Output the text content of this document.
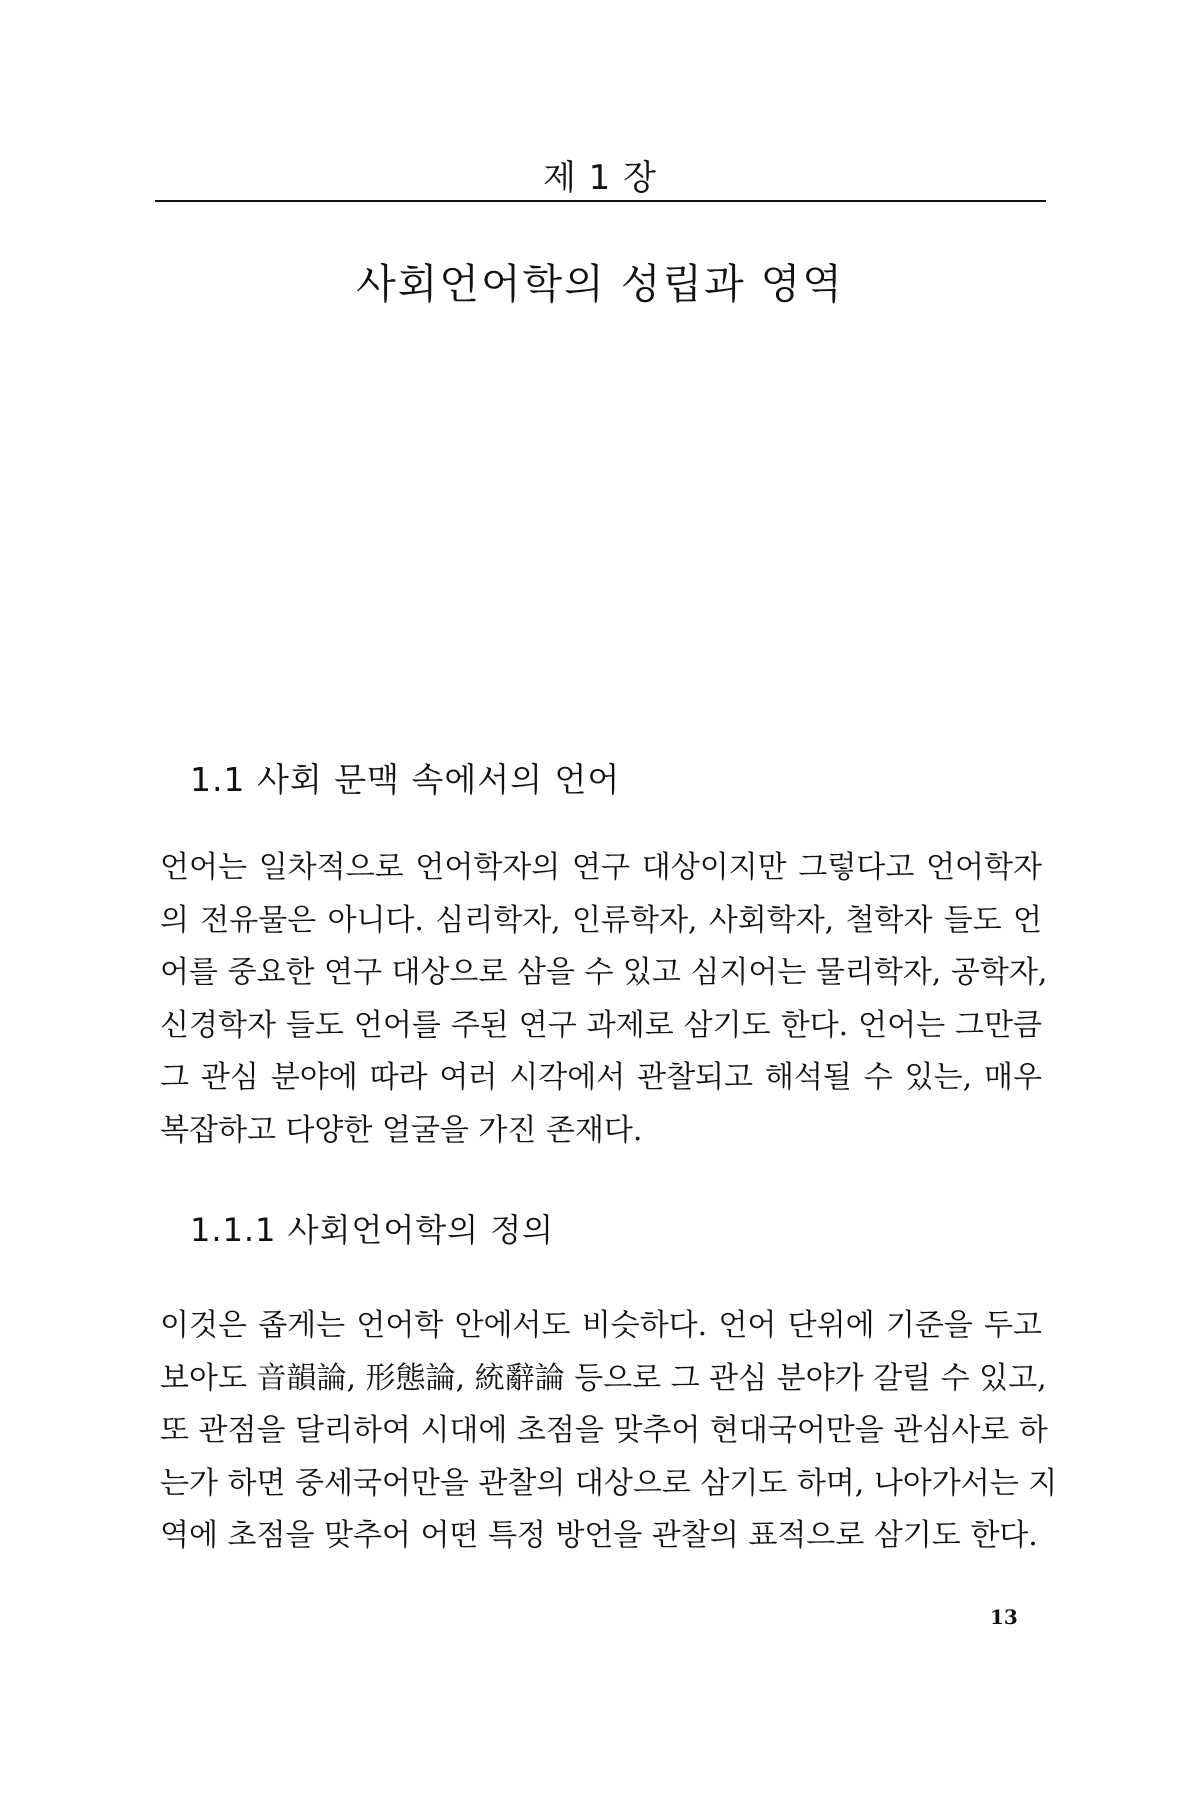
제 1 장
사회언어학의 성립과 영역
1.1 사회 문맥 속에서의 언어
언어는 일차적으로 언어학자의 연구 대상이지만 그렇다고 언어학자
의 전유물은 아니다. 심리학자, 인류학자, 사회학자, 철학자 들도 언
어를 중요한 연구 대상으로 삼을 수 있고 심지어는 물리학자, 공학자,
신경학자 들도 언어를 주된 연구 과제로 삼기도 한다. 언어는 그만큼
그 관심 분야에 따라 여러 시각에서 관찰되고 해석될 수 있는, 매우
복잡하고 다양한 얼굴을 가진 존재다.
1.1.1 사회언어학의 정의
이것은 좁게는 언어학 안에서도 비슷하다. 언어 단위에 기준을 두고
보아도 音韻論, 形態論, 統辭論 등으로 그 관심 분야가 갈릴 수 있고,
또 관점을 달리하여 시대에 초점을 맞추어 현대국어만을 관심사로 하
는가 하면 중세국어만을 관찰의 대상으로 삼기도 하며, 나아가서는 지
역에 초점을 맞추어 어떤 특정 방언을 관찰의 표적으로 삼기도 한다.
13
